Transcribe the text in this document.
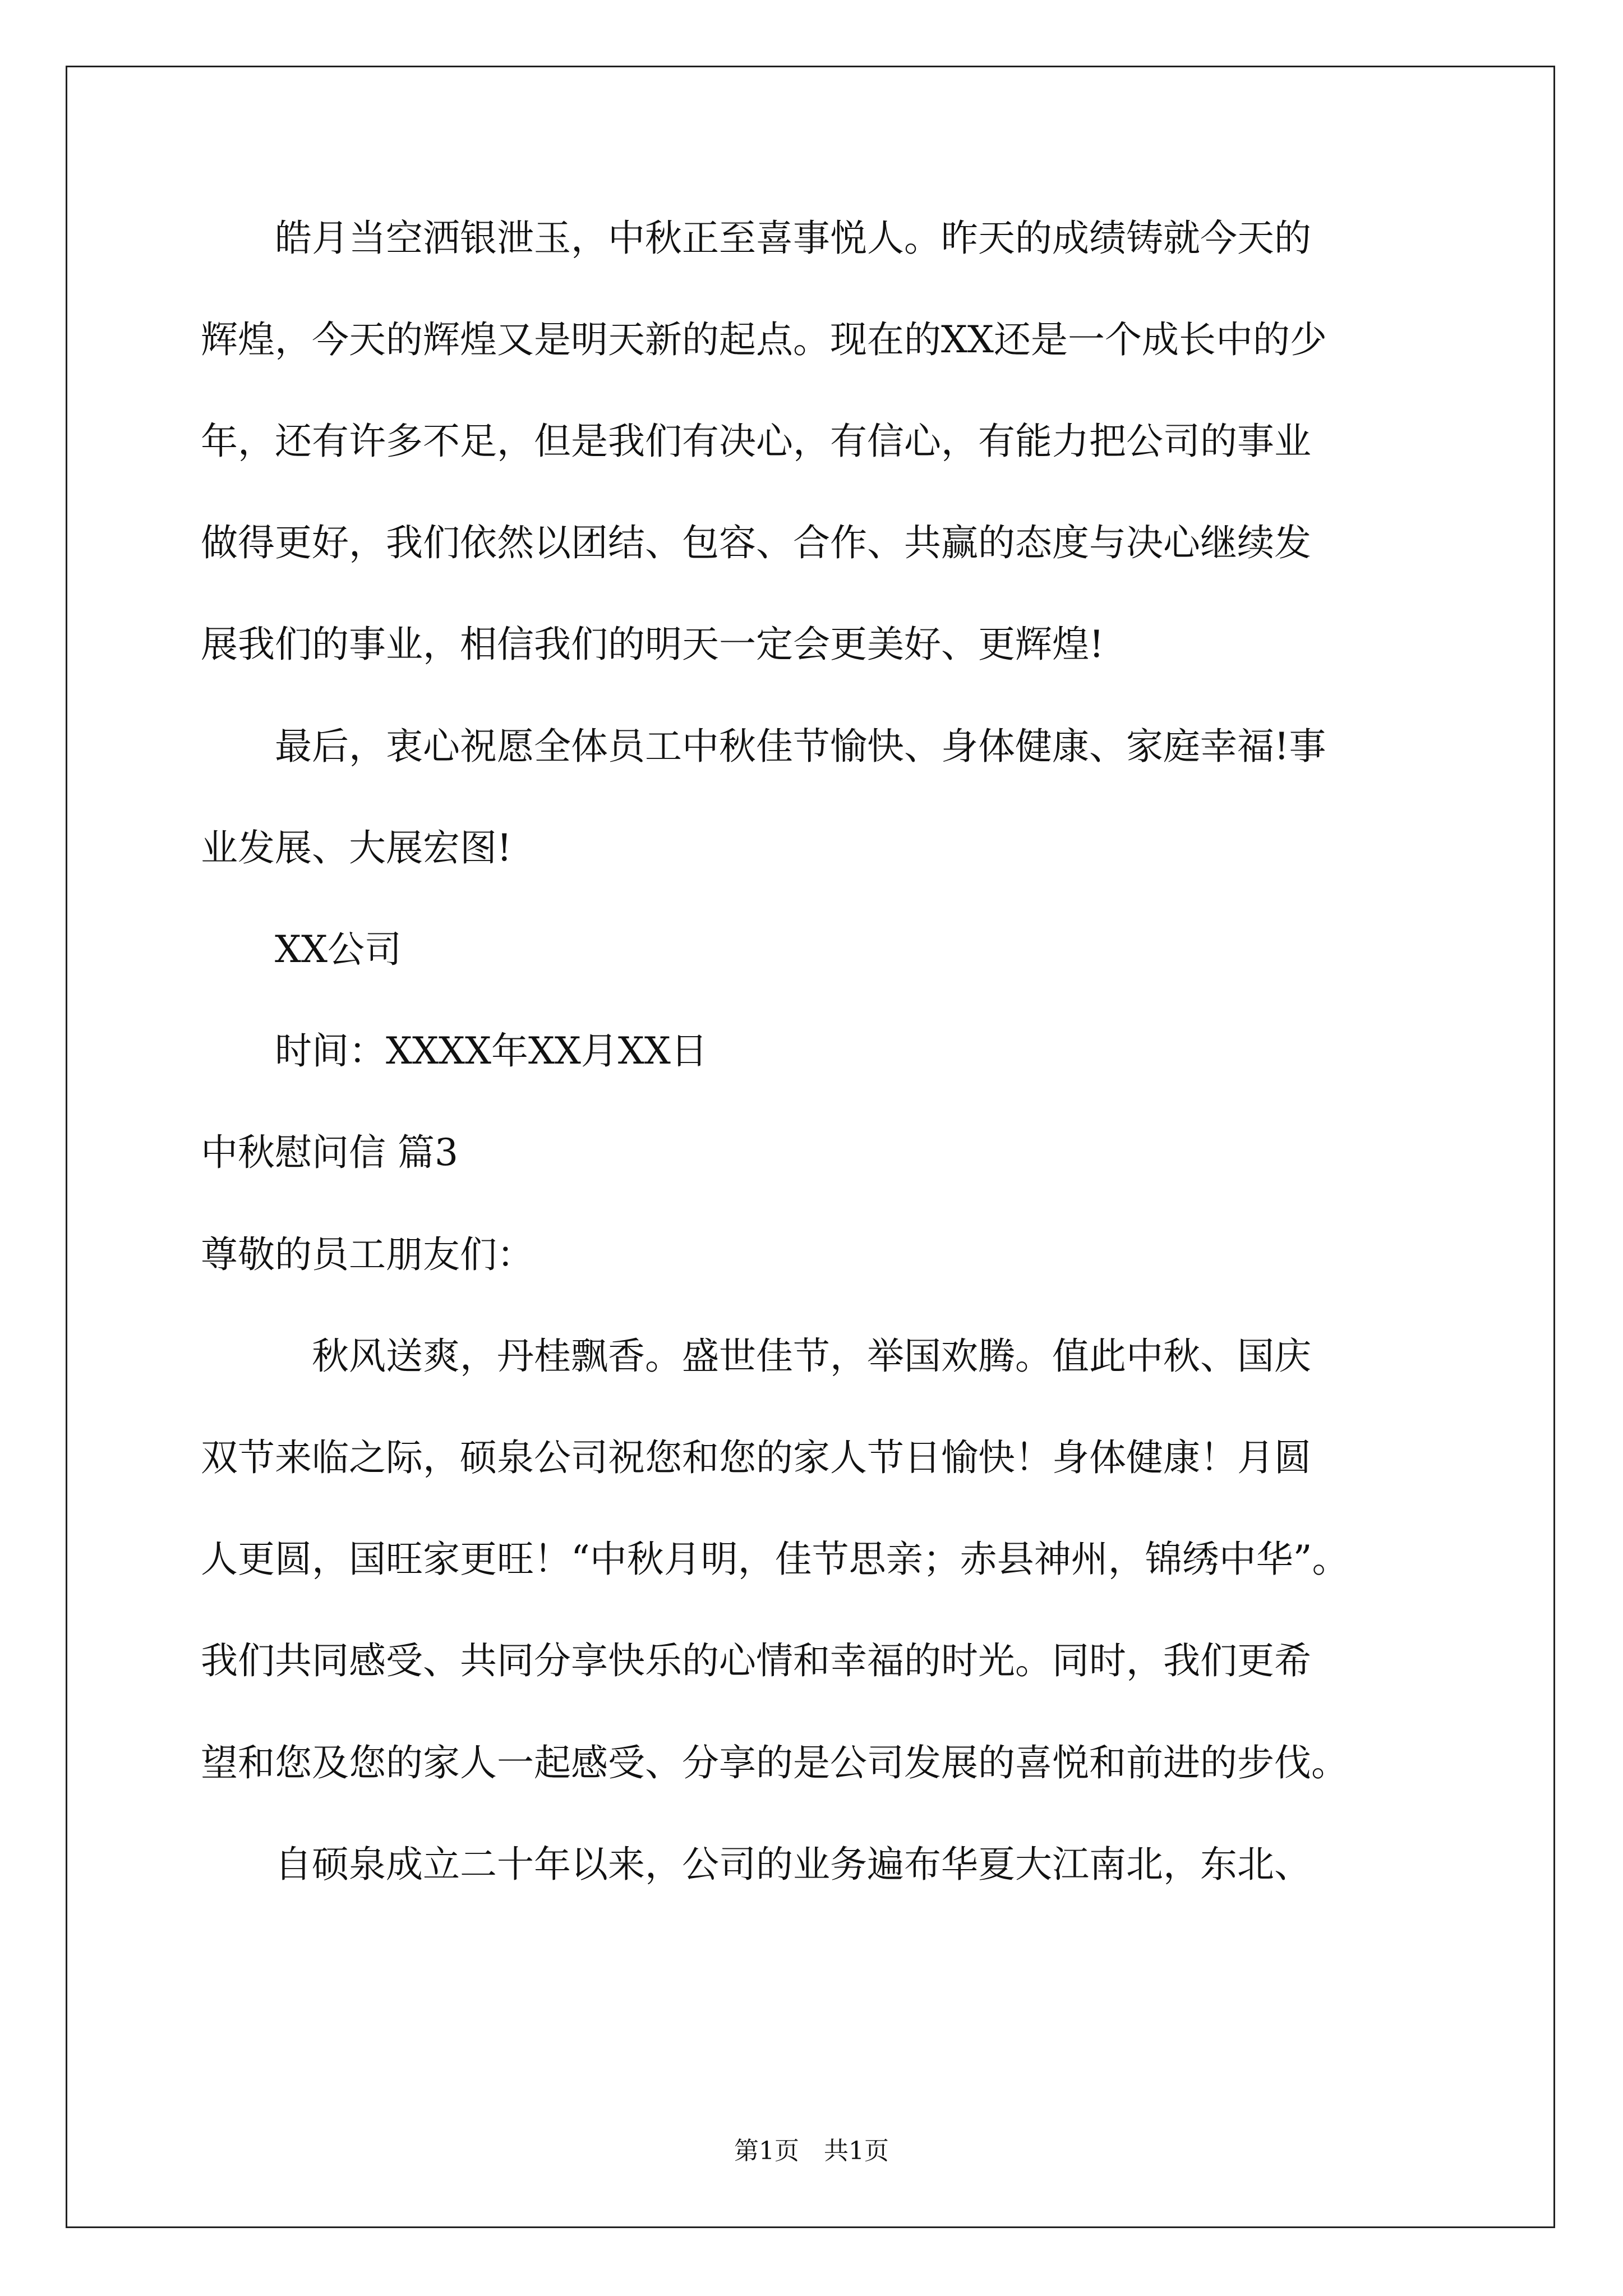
　　皓月当空洒银泄玉，中秋正至喜事悦人。昨天的成绩铸就今天的
辉煌，今天的辉煌又是明天新的起点。现在的XX还是一个成长中的少
年，还有许多不足，但是我们有决心，有信心，有能力把公司的事业
做得更好，我们依然以团结、包容、合作、共赢的态度与决心继续发
展我们的事业，相信我们的明天一定会更美好、更辉煌!
　　最后，衷心祝愿全体员工中秋佳节愉快、身体健康、家庭幸福!事
业发展、大展宏图!
　　XX公司
　　时间：XXXX年XX月XX日
中秋慰问信 篇3
尊敬的员工朋友们：
　　　秋风送爽，丹桂飘香。盛世佳节，举国欢腾。值此中秋、国庆
双节来临之际，硕泉公司祝您和您的家人节日愉快！身体健康！月圆
人更圆，国旺家更旺！“中秋月明，佳节思亲；赤县神州，锦绣中华”。
我们共同感受、共同分享快乐的心情和幸福的时光。同时，我们更希
望和您及您的家人一起感受、分享的是公司发展的喜悦和前进的步伐。
　　自硕泉成立二十年以来，公司的业务遍布华夏大江南北，东北、
第1页　共1页
